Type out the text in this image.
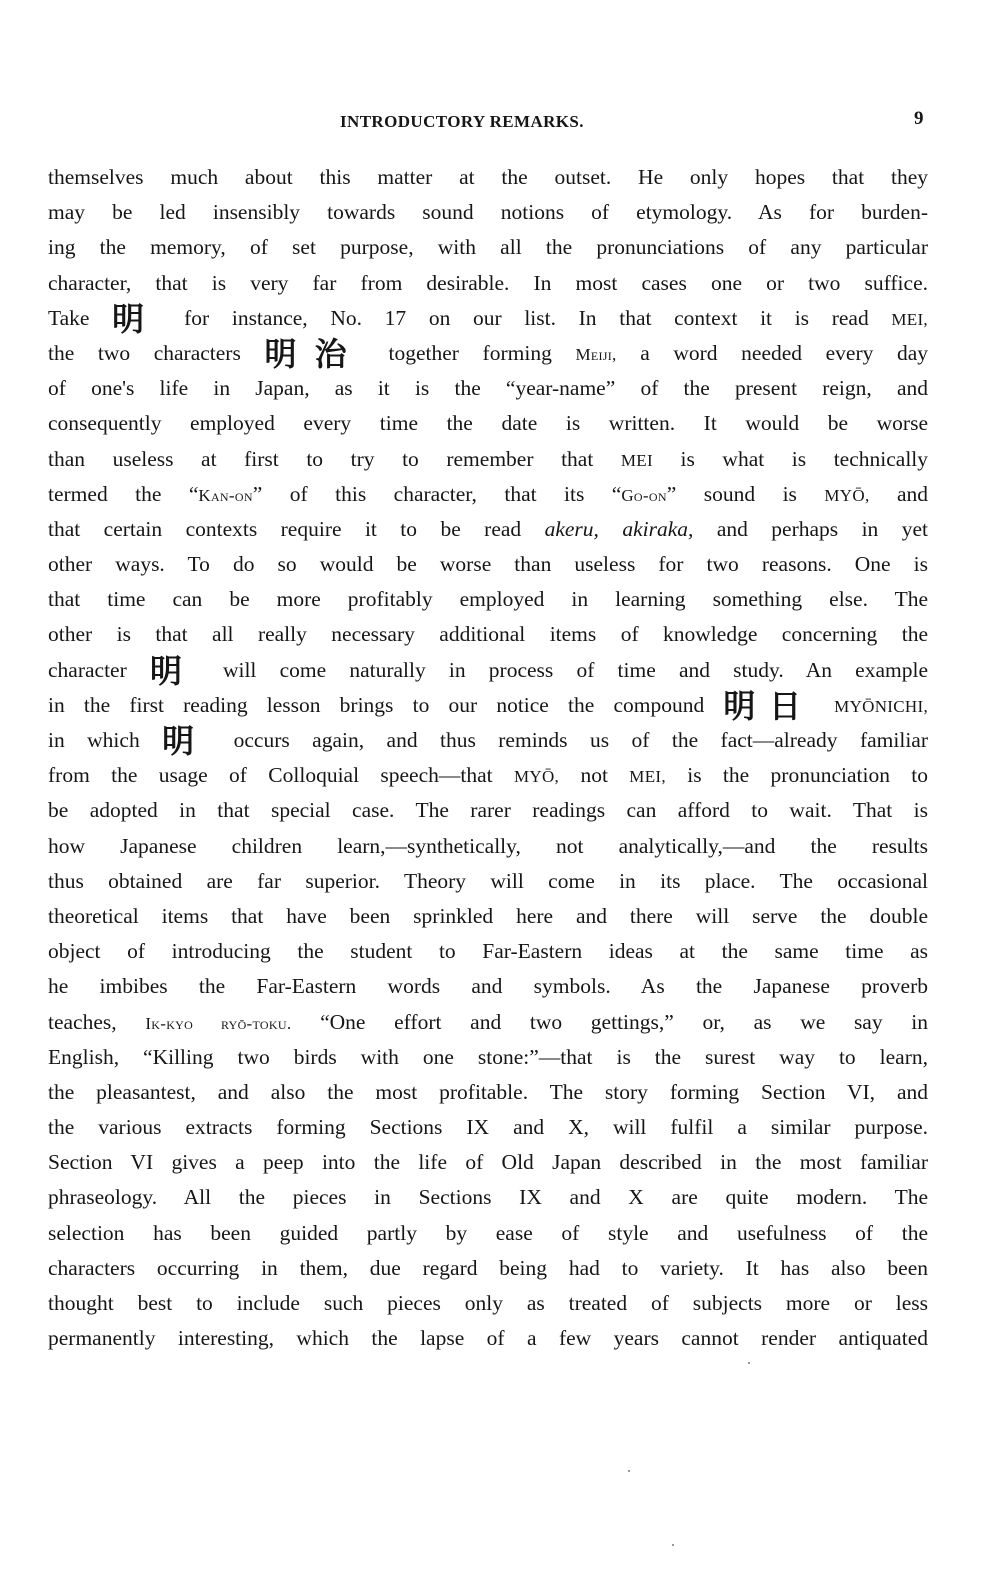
INTRODUCTORY REMARKS.	9
themselves much about this matter at the outset. He only hopes that they
may be led insensibly towards sound notions of etymology. As for burden-
ing the memory, of set purpose, with all the pronunciations of any particular
character, that is very far from desirable. In most cases one or two suffice.
Take 明 for instance, No. 17 on our list. In that context it is read MEI,
the two characters 明治 together forming Meiji, a word needed every day
of one's life in Japan, as it is the “year-name” of the present reign, and
consequently employed every time the date is written. It would be worse
than useless at first to try to remember that MEI is what is technically
termed the “Kan-on” of this character, that its “Go-on” sound is MYŌ, and
that certain contexts require it to be read akeru, akiraka, and perhaps in yet
other ways. To do so would be worse than useless for two reasons. One is
that time can be more profitably employed in learning something else. The
other is that all really necessary additional items of knowledge concerning the
character 明 will come naturally in process of time and study. An example
in the first reading lesson brings to our notice the compound 明日 MYŌNICHI,
in which 明 occurs again, and thus reminds us of the fact—already familiar
from the usage of Colloquial speech—that MYŌ, not MEI, is the pronunciation to
be adopted in that special case. The rarer readings can afford to wait. That is
how Japanese children learn,—synthetically, not analytically,—and the results
thus obtained are far superior. Theory will come in its place. The occasional
theoretical items that have been sprinkled here and there will serve the double
object of introducing the student to Far-Eastern ideas at the same time as
he imbibes the Far-Eastern words and symbols. As the Japanese proverb
teaches, Ik-kyo ryō-toku. “One effort and two gettings,” or, as we say in
English, “Killing two birds with one stone:”—that is the surest way to learn,
the pleasantest, and also the most profitable. The story forming Section VI, and
the various extracts forming Sections IX and X, will fulfil a similar purpose.
Section VI gives a peep into the life of Old Japan described in the most familiar
phraseology. All the pieces in Sections IX and X are quite modern. The
selection has been guided partly by ease of style and usefulness of the
characters occurring in them, due regard being had to variety. It has also been
thought best to include such pieces only as treated of subjects more or less
permanently interesting, which the lapse of a few years cannot render antiquated
